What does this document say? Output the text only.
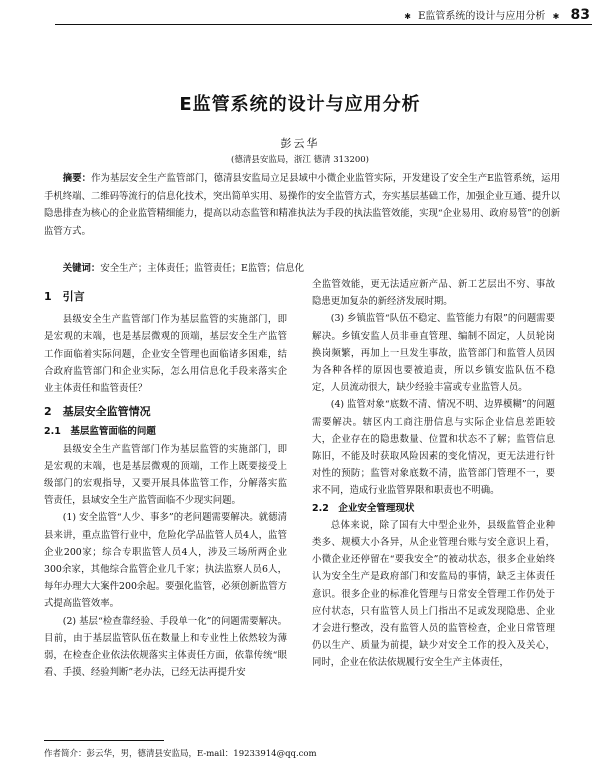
✱ E监管系统的设计与应用分析 ✱ 83
E监管系统的设计与应用分析
彭云华
(德清县安监局，浙江 德清 313200)
摘要：作为基层安全生产监管部门，德清县安监局立足县域中小微企业监管实际，开发建设了安全生产E监管系统，运用手机终端、二维码等流行的信息化技术，突出简单实用、易操作的安全监管方式，夯实基层基础工作，加强企业互通、提升以隐患排查为核心的企业监管精细能力，提高以动态监管和精准执法为手段的执法监管效能，实现“企业易用、政府易管”的创新监管方式。
关键词：安全生产；主体责任；监管责任；E监管；信息化
1　引言
县级安全生产监管部门作为基层监管的实施部门，即是宏观的末端，也是基层微观的顶端，基层安全生产监管工作面临着实际问题，企业安全管理也面临诸多困难，结合政府监管部门和企业实际，怎么用信息化手段来落实企业主体责任和监管责任？
2　基层安全监管情况
2.1　基层监管面临的问题
县级安全生产监管部门作为基层监管的实施部门，即是宏观的末端，也是基层微观的顶端，工作上既要接受上级部门的宏观指导，又要开展具体监管工作，分解落实监管责任，县域安全生产监管面临不少现实问题。
(1) 安全监管“人少、事多”的老问题需要解决。就德清县来讲，重点监管行业中，危险化学品监管人员4人，监管企业200家；综合专职监管人员4人，涉及三场所两企业300余家，其他综合监管企业几千家；执法监察人员6人，每年办理大大案件200余起。要强化监管，必须创新监管方式提高监管效率。
(2) 基层“检查靠经验、手段单一化”的问题需要解决。目前，由于基层监管队伍在数量上和专业性上依然较为薄弱，在检查企业依法依规落实主体责任方面，依靠传统“眼看、手摸、经验判断”老办法，已经无法再提升安
全监管效能，更无法适应新产品、新工艺层出不穷、事故隐患更加复杂的新经济发展时期。
(3) 乡镇监管“队伍不稳定、监管能力有限”的问题需要解决。乡镇安监人员非垂直管理、编制不固定，人员轮岗换岗频繁，再加上一旦发生事故，监管部门和监管人员因为各种各样的原因也要被追责，所以乡镇安监队伍不稳定，人员流动很大，缺少经验丰富或专业监管人员。
(4) 监管对象“底数不清、情况不明、边界模糊”的问题需要解决。辖区内工商注册信息与实际企业信息差距较大，企业存在的隐患数量、位置和状态不了解；监管信息陈旧，不能及时获取风险因素的变化情况，更无法进行针对性的预防；监管对象底数不清，监管部门管理不一，要求不同，造成行业监管界限和职责也不明确。
2.2　企业安全管理现状
总体来说，除了国有大中型企业外，县级监管企业种类多、规模大小各异，从企业管理台账与安全意识上看，小微企业还停留在“要我安全”的被动状态，很多企业始终认为安全生产是政府部门和安监局的事情，缺乏主体责任意识。很多企业的标准化管理与日常安全管理工作仍处于应付状态，只有监管人员上门指出不足或发现隐患、企业才会进行整改，没有监管人员的监管检查，企业日常管理仍以生产、质量为前提，缺少对安全工作的投入及关心，同时，企业在依法依规履行安全生产主体责任，
作者简介：彭云华，男，德清县安监局，E-mail：19233914@qq.com
